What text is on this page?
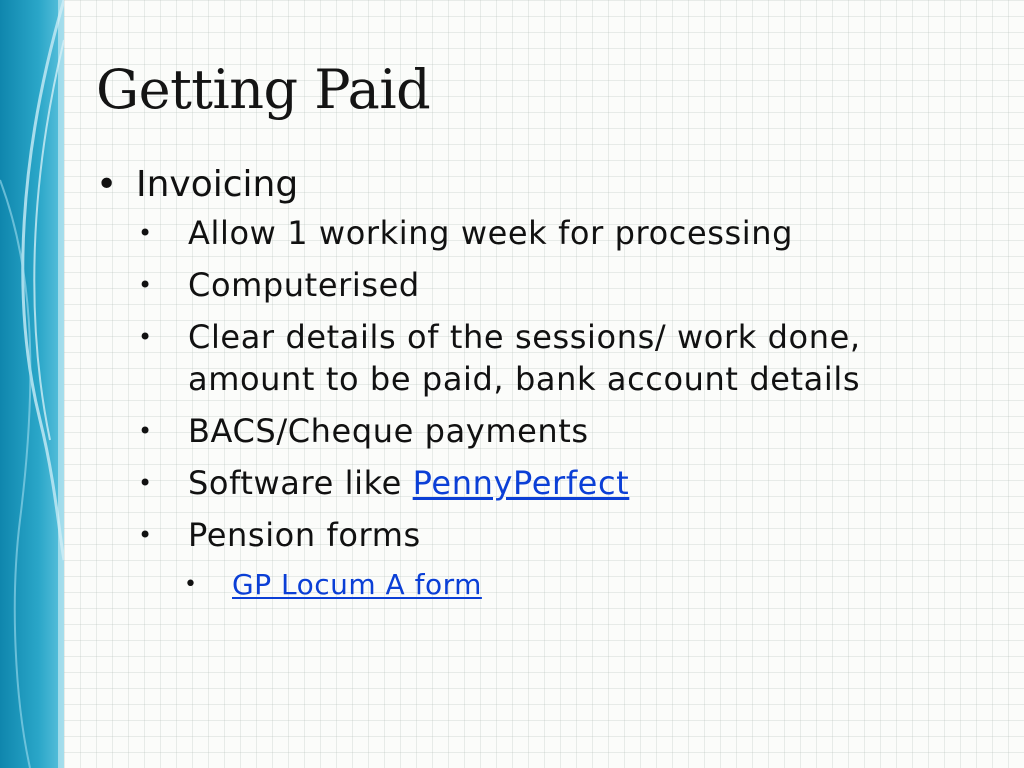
Getting Paid
• Invoicing
• Allow 1 working week for processing
• Computerised
• Clear details of the sessions/ work done, amount to be paid, bank account details
• BACS/Cheque payments
• Software like PennyPerfect
• Pension forms
• GP Locum A form
